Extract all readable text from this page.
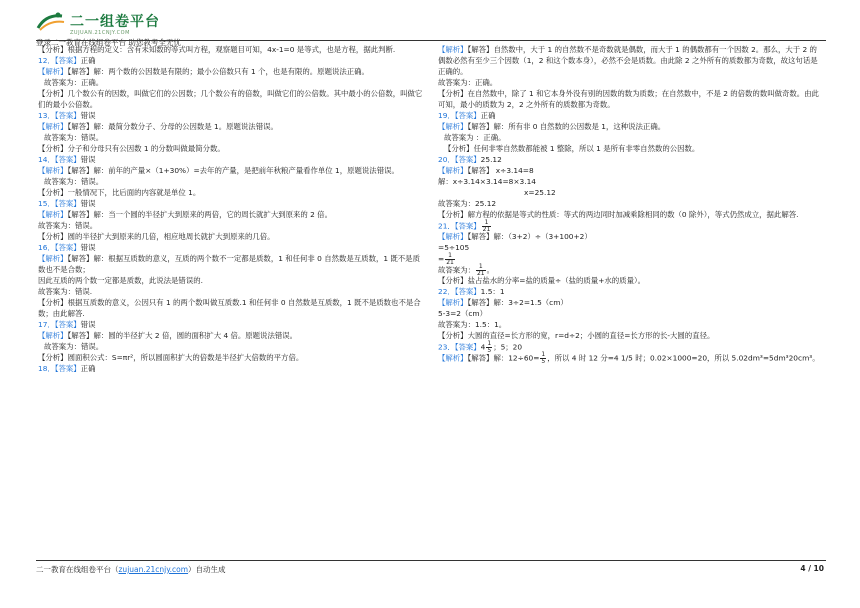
二一组卷平台
ZUJUAN.21CNJY.COM
登录二一教育在线组卷平台 助您教考全无忧
【分析】根据方程的定义：含有未知数的等式叫方程，观察题目可知，4x-1=0 是等式，也是方程，据此判断.
12．【答案】正确
【解析】【解答】解：两个数的公因数是有限的；最小公倍数只有 1 个，也是有限的。原题说法正确。
故答案为：正确。
【分析】几个数公有的因数，叫做它们的公因数；几个数公有的倍数，叫做它们的公倍数。其中最小的公倍数，叫做它们的最小公倍数。
13．【答案】错误
【解析】【解答】解：最简分数分子、分母的公因数是 1。原题说法错误。
故答案为：错误。
【分析】分子和分母只有公因数 1 的分数叫做最简分数。
14．【答案】错误
【解析】【解答】解：前年的产量×（1+30%）=去年的产量，是把前年秋粮产量看作单位 1，原题说法错误。
故答案为：错误。
【分析】一般情况下，比后面的内容就是单位 1。
15．【答案】错误
【解析】【解答】解：当一个圆的半径扩大到原来的两倍，它的周长就扩大到原来的 2 倍。
故答案为：错误。
【分析】圆的半径扩大到原来的几倍，相应地周长就扩大到原来的几倍。
16．【答案】错误
【解析】【解答】解：根据互质数的意义，互质的两个数不一定都是质数，1 和任何非 0 自然数是互质数，1 既不是质数也不是合数；
因此互质的两个数一定都是质数，此说法是错误的.
故答案为：错误.
【分析】根据互质数的意义，公因只有 1 的两个数叫做互质数.1 和任何非 0 自然数是互质数，1 既不是质数也不是合数；由此解答.
17．【答案】错误
【解析】【解答】解：圆的半径扩大 2 倍，圆的面积扩大 4 倍。原题说法错误。
故答案为：错误。
【分析】圆面积公式：S=πr²，所以圆面积扩大的倍数是半径扩大倍数的平方倍。
18．【答案】正确
【解析】【解答】自然数中，大于 1 的自然数不是奇数就是偶数，而大于 1 的偶数都有一个因数 2。那么，大于 2 的偶数必然有至少三个因数（1，2 和这个数本身），必然不会是质数。由此除 2 之外所有的质数都为奇数，故这句话是正确的。
故答案为：正确。
【分析】在自然数中，除了 1 和它本身外没有别的因数的数为质数；在自然数中，不是 2 的倍数的数叫做奇数。由此可知，最小的质数为 2，2 之外所有的质数都为奇数。
19．【答案】正确
【解析】【解答】解：所有非 0 自然数的公因数是 1，这种说法正确。
故答案为 ：正确。
【分析】任何非零自然数都能被 1 整除，所以 1 是所有非零自然数的公因数。
20．【答案】25.12
【解析】【解答】 x÷3.14=8
解：x÷3.14×3.14=8×3.14
x=25.12
故答案为：25.12
【分析】解方程的依据是等式的性质：等式的两边同时加减乘除相同的数（0 除外），等式仍然成立，据此解答.
21．【答案】 $\frac{1}{21}$
【解析】【解答】解：（3+2）÷（3+100+2）
=5÷105
= $\frac{1}{21}$
故答案为： $\frac{1}{21}$ 。
【分析】盐占盐水的分率=盐的质量÷（盐的质量+水的质量）。
22．【答案】1.5：1
【解析】【解答】解：3÷2=1.5（cm）
5-3=2（cm）
故答案为：1.5：1。
【分析】大圆的直径=长方形的宽，r=d÷2；小圆的直径=长方形的长-大圆的直径。
23．【答案】$4 \frac{1}{5}$ ；5；20
【解析】【解答】解：$12\div 60= \frac{1}{5}$ ，所以 4 时 12 分=4 1/5 时；0.02×1000=20，所以 5.02dm³=5dm³20cm³。
二一教育在线组卷平台（zujuan.21cnjy.com）自动生成	4 / 10
